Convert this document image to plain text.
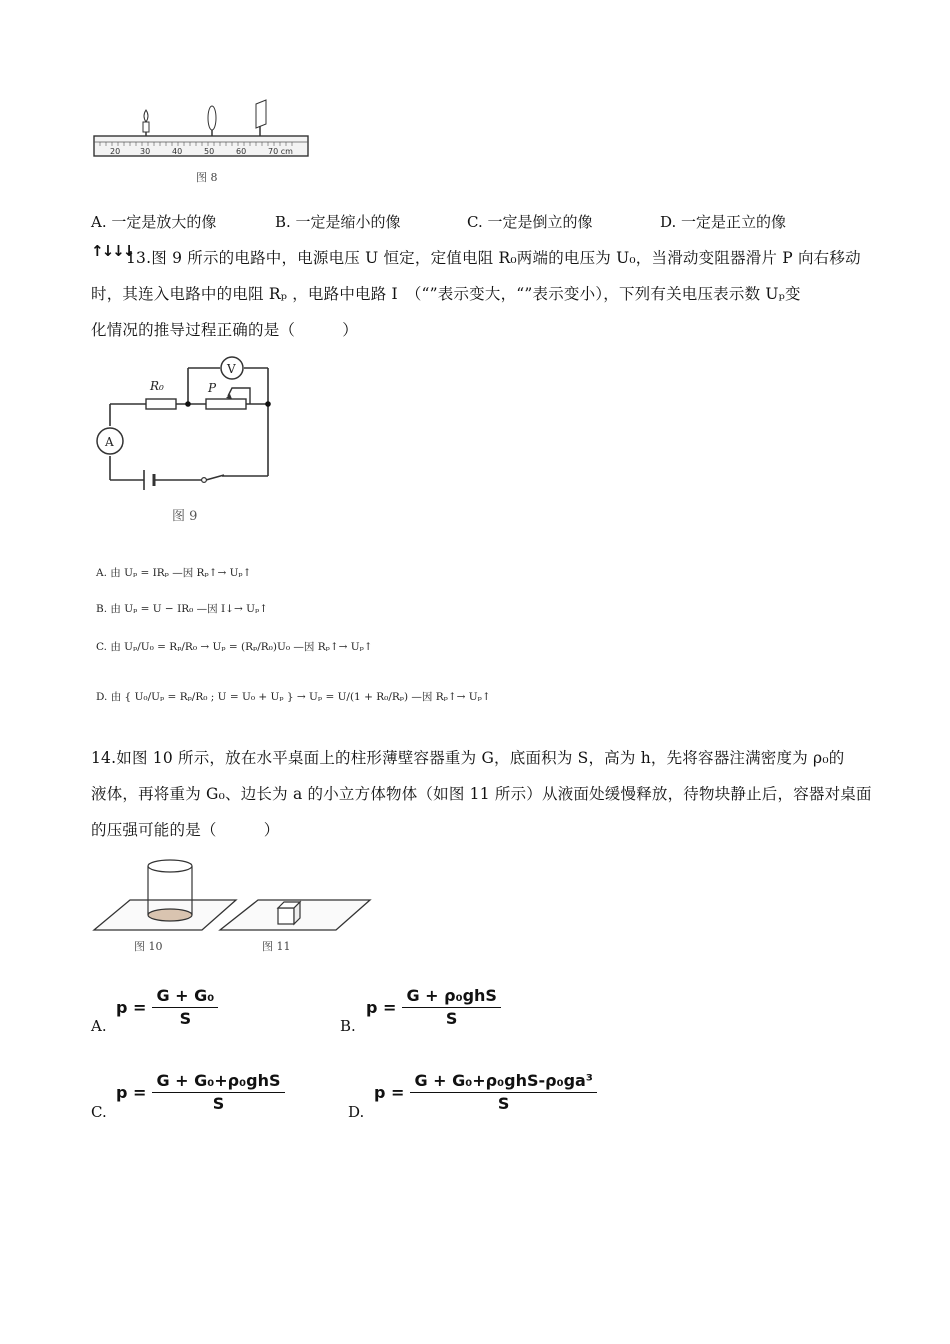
20 30	40	50	60	70 cm
图 8
A. 一定是放大的像	B. 一定是缩小的像	C. 一定是倒立的像	D. 一定是正立的像
↑↓↓↓
13.图 9 所示的电路中，电源电压 U 恒定，定值电阻 R₀两端的电压为 U₀，当滑动变阻器滑片 P 向右移动
时，其连入电路中的电阻 Rₚ ，电路中电路 I　（“”表示变大，“”表示变小），下列有关电压表示数 Uₚ变
化情况的推导过程正确的是（　　　）
V
A
R₀	P
图 9
A. 由 Uₚ = IRₚ —因 Rₚ↑→ Uₚ↑
B. 由 Uₚ = U − IR₀ —因 I↓→ Uₚ↑
C. 由 Uₚ/U₀ = Rₚ/R₀ → Uₚ = (Rₚ/R₀)U₀ —因 Rₚ↑→ Uₚ↑
D. 由 { U₀/Uₚ = Rₚ/R₀ ; U = U₀ + Uₚ } → Uₚ = U/(1 + R₀/Rₚ) —因 Rₚ↑→ Uₚ↑
14.如图 10 所示，放在水平桌面上的柱形薄壁容器重为 G，底面积为 S，高为 h，先将容器注满密度为 ρ₀的
液体，再将重为 G₀、边长为 a 的小立方体物体（如图 11 所示）从液面处缓慢释放，待物块静止后，容器对桌面
的压强可能的是（　　　）
图 10	图 11
A.
$p = \frac{\text{G + G₀}}{S}$	B.
$p = \frac{\text{G + ρ₀ghS}}{S}$
C.
$p = \frac{\text{G + G₀+ρ₀ghS}}{S}$	D.
$p = \frac{\text{G + G₀+ρ₀ghS-ρ₀ga³}}{S}$
